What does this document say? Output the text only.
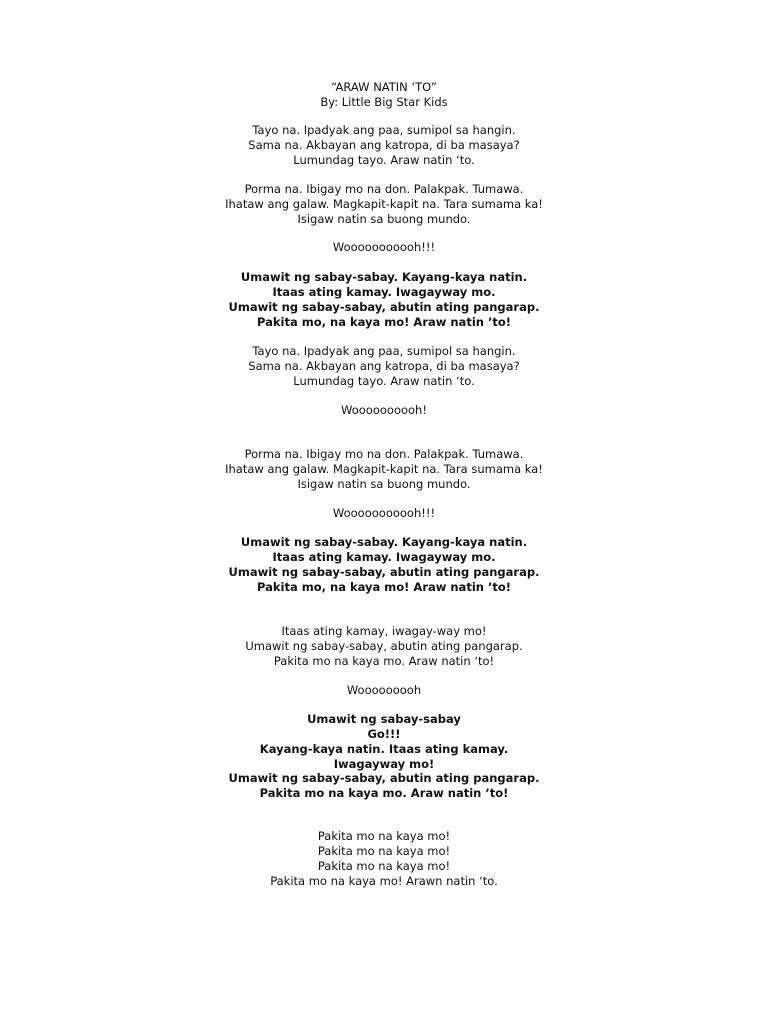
“ARAW NATIN ‘TO”
By: Little Big Star Kids
Tayo na. Ipadyak ang paa, sumipol sa hangin.
Sama na. Akbayan ang katropa, di ba masaya?
Lumundag tayo. Araw natin ‘to.
Porma na. Ibigay mo na don. Palakpak. Tumawa.
Ihataw ang galaw. Magkapit-kapit na. Tara sumama ka!
Isigaw natin sa buong mundo.
Wooooooooooh!!!
Umawit ng sabay-sabay. Kayang-kaya natin.
Itaas ating kamay. Iwagayway mo.
Umawit ng sabay-sabay, abutin ating pangarap.
Pakita mo, na kaya mo! Araw natin ’to!
Tayo na. Ipadyak ang paa, sumipol sa hangin.
Sama na. Akbayan ang katropa, di ba masaya?
Lumundag tayo. Araw natin ‘to.
Woooooooooh!
Porma na. Ibigay mo na don. Palakpak. Tumawa.
Ihataw ang galaw. Magkapit-kapit na. Tara sumama ka!
Isigaw natin sa buong mundo.
Wooooooooooh!!!
Umawit ng sabay-sabay. Kayang-kaya natin.
Itaas ating kamay. Iwagayway mo.
Umawit ng sabay-sabay, abutin ating pangarap.
Pakita mo, na kaya mo! Araw natin ’to!
Itaas ating kamay, iwagay-way mo!
Umawit ng sabay-sabay, abutin ating pangarap.
Pakita mo na kaya mo. Araw natin ‘to!
Wooooooooh
Umawit ng sabay-sabay
Go!!!
Kayang-kaya natin. Itaas ating kamay.
Iwagayway mo!
Umawit ng sabay-sabay, abutin ating pangarap.
Pakita mo na kaya mo. Araw natin ’to!
Pakita mo na kaya mo!
Pakita mo na kaya mo!
Pakita mo na kaya mo!
Pakita mo na kaya mo! Arawn natin ‘to.
